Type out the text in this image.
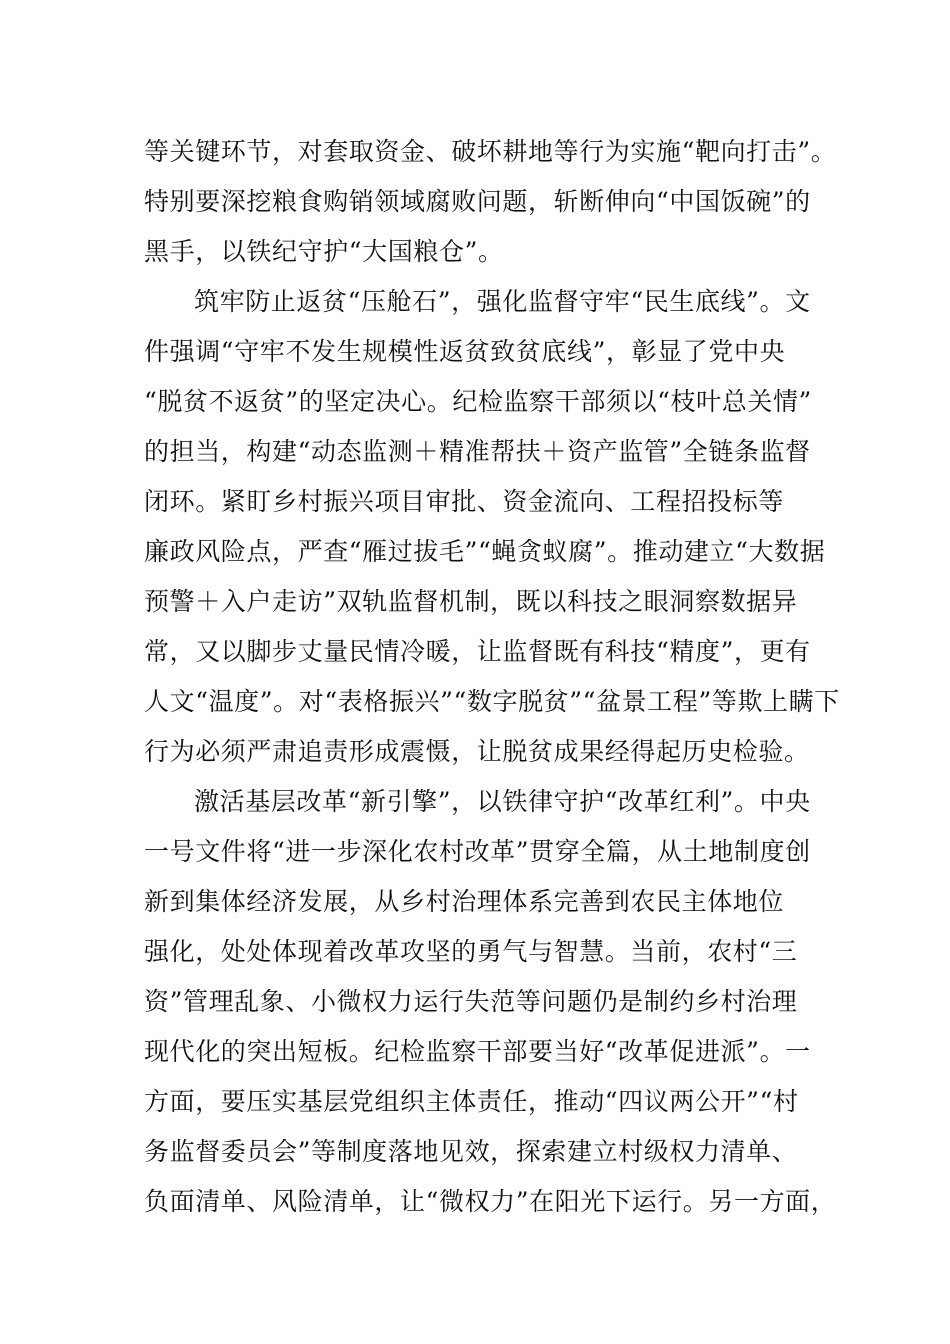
等关键环节，对套取资金、破坏耕地等行为实施“靶向打击”。
特别要深挖粮食购销领域腐败问题，斩断伸向“中国饭碗”的
黑手，以铁纪守护“大国粮仓”。
筑牢防止返贫“压舱石”，强化监督守牢“民生底线”。文
件强调“守牢不发生规模性返贫致贫底线”，彰显了党中央
“脱贫不返贫”的坚定决心。纪检监察干部须以“枝叶总关情”
的担当，构建“动态监测＋精准帮扶＋资产监管”全链条监督
闭环。紧盯乡村振兴项目审批、资金流向、工程招投标等
廉政风险点，严查“雁过拔毛”“蝇贪蚁腐”。推动建立“大数据
预警＋入户走访”双轨监督机制，既以科技之眼洞察数据异
常，又以脚步丈量民情冷暖，让监督既有科技“精度”，更有
人文“温度”。对“表格振兴”“数字脱贫”“盆景工程”等欺上瞒下
行为必须严肃追责形成震慑，让脱贫成果经得起历史检验。
激活基层改革“新引擎”，以铁律守护“改革红利”。中央
一号文件将“进一步深化农村改革”贯穿全篇，从土地制度创
新到集体经济发展，从乡村治理体系完善到农民主体地位
强化，处处体现着改革攻坚的勇气与智慧。当前，农村“三
资”管理乱象、小微权力运行失范等问题仍是制约乡村治理
现代化的突出短板。纪检监察干部要当好“改革促进派”。一
方面，要压实基层党组织主体责任，推动“四议两公开”“村
务监督委员会”等制度落地见效，探索建立村级权力清单、
负面清单、风险清单，让“微权力”在阳光下运行。另一方面，
